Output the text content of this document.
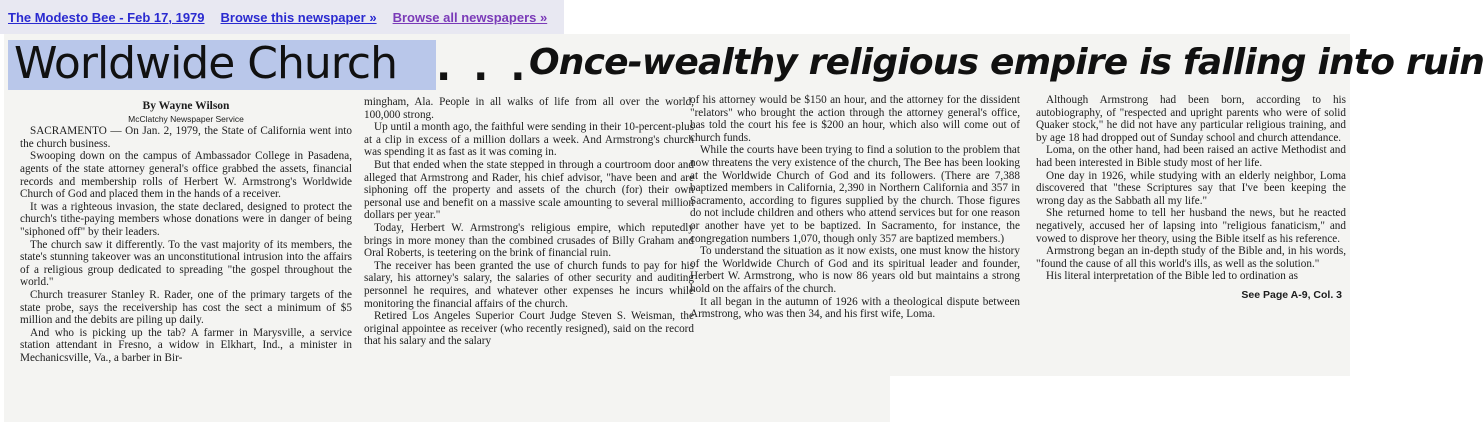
The Modesto Bee - Feb 17, 1979 Browse this newspaper » Browse all newspapers »
Worldwide Church . . . Once-wealthy religious empire is falling into ruin
By Wayne Wilson
McClatchy Newspaper Service

SACRAMENTO — On Jan. 2, 1979, the State of California went into the church business.

Swooping down on the campus of Ambassador College in Pasadena, agents of the state attorney general's office grabbed the assets, financial records and membership rolls of Herbert W. Armstrong's Worldwide Church of God and placed them in the hands of a receiver.

It was a righteous invasion, the state declared, designed to protect the church's tithe-paying members whose donations were in danger of being "siphoned off" by their leaders.

The church saw it differently. To the vast majority of its members, the state's stunning takeover was an unconstitutional intrusion into the affairs of a religious group dedicated to spreading "the gospel throughout the world."

Church treasurer Stanley R. Rader, one of the primary targets of the state probe, says the receivership has cost the sect a minimum of $5 million and the debits are piling up daily.

And who is picking up the tab? A farmer in Marysville, a service station attendant in Fresno, a widow in Elkhart, Ind., a minister in Mechanicsville, Va., a barber in Bir-

mingham, Ala. People in all walks of life from all over the world, 100,000 strong.

Up until a month ago, the faithful were sending in their 10-percent-plus at a clip in excess of a million dollars a week. And Armstrong's church was spending it as fast as it was coming in.

But that ended when the state stepped in through a courtroom door and alleged that Armstrong and Rader, his chief advisor, "have been and are siphoning off the property and assets of the church (for) their own personal use and benefit on a massive scale amounting to several million dollars per year."

Today, Herbert W. Armstrong's religious empire, which reputedly brings in more money than the combined crusades of Billy Graham and Oral Roberts, is teetering on the brink of financial ruin.

The receiver has been granted the use of church funds to pay for his salary, his attorney's salary, the salaries of other security and auditing personnel he requires, and whatever other expenses he incurs while monitoring the financial affairs of the church.

Retired Los Angeles Superior Court Judge Steven S. Weisman, the original appointee as receiver (who recently resigned), said on the record that his salary and the salary

of his attorney would be $150 an hour, and the attorney for the dissident "relators" who brought the action through the attorney general's office, has told the court his fee is $200 an hour, which also will come out of church funds.

While the courts have been trying to find a solution to the problem that now threatens the very existence of the church, The Bee has been looking at the Worldwide Church of God and its followers. (There are 7,388 baptized members in California, 2,390 in Northern California and 357 in Sacramento, according to figures supplied by the church. Those figures do not include children and others who attend services but for one reason or another have yet to be baptized. In Sacramento, for instance, the congregation numbers 1,070, though only 357 are baptized members.)

To understand the situation as it now exists, one must know the history of the Worldwide Church of God and its spiritual leader and founder, Herbert W. Armstrong, who is now 86 years old but maintains a strong hold on the affairs of the church.

It all began in the autumn of 1926 with a theological dispute between Armstrong, who was then 34, and his first wife, Loma.

Although Armstrong had been born, according to his autobiography, of "respected and upright parents who were of solid Quaker stock," he did not have any particular religious training, and by age 18 had dropped out of Sunday school and church attendance.

Loma, on the other hand, had been raised an active Methodist and had been interested in Bible study most of her life.

One day in 1926, while studying with an elderly neighbor, Loma discovered that "these Scriptures say that I've been keeping the wrong day as the Sabbath all my life."

She returned home to tell her husband the news, but he reacted negatively, accused her of lapsing into "religious fanaticism," and vowed to disprove her theory, using the Bible itself as his reference.

Armstrong began an in-depth study of the Bible and, in his words, "found the cause of all this world's ills, as well as the solution."

His literal interpretation of the Bible led to ordination as

See Page A-9, Col. 3
